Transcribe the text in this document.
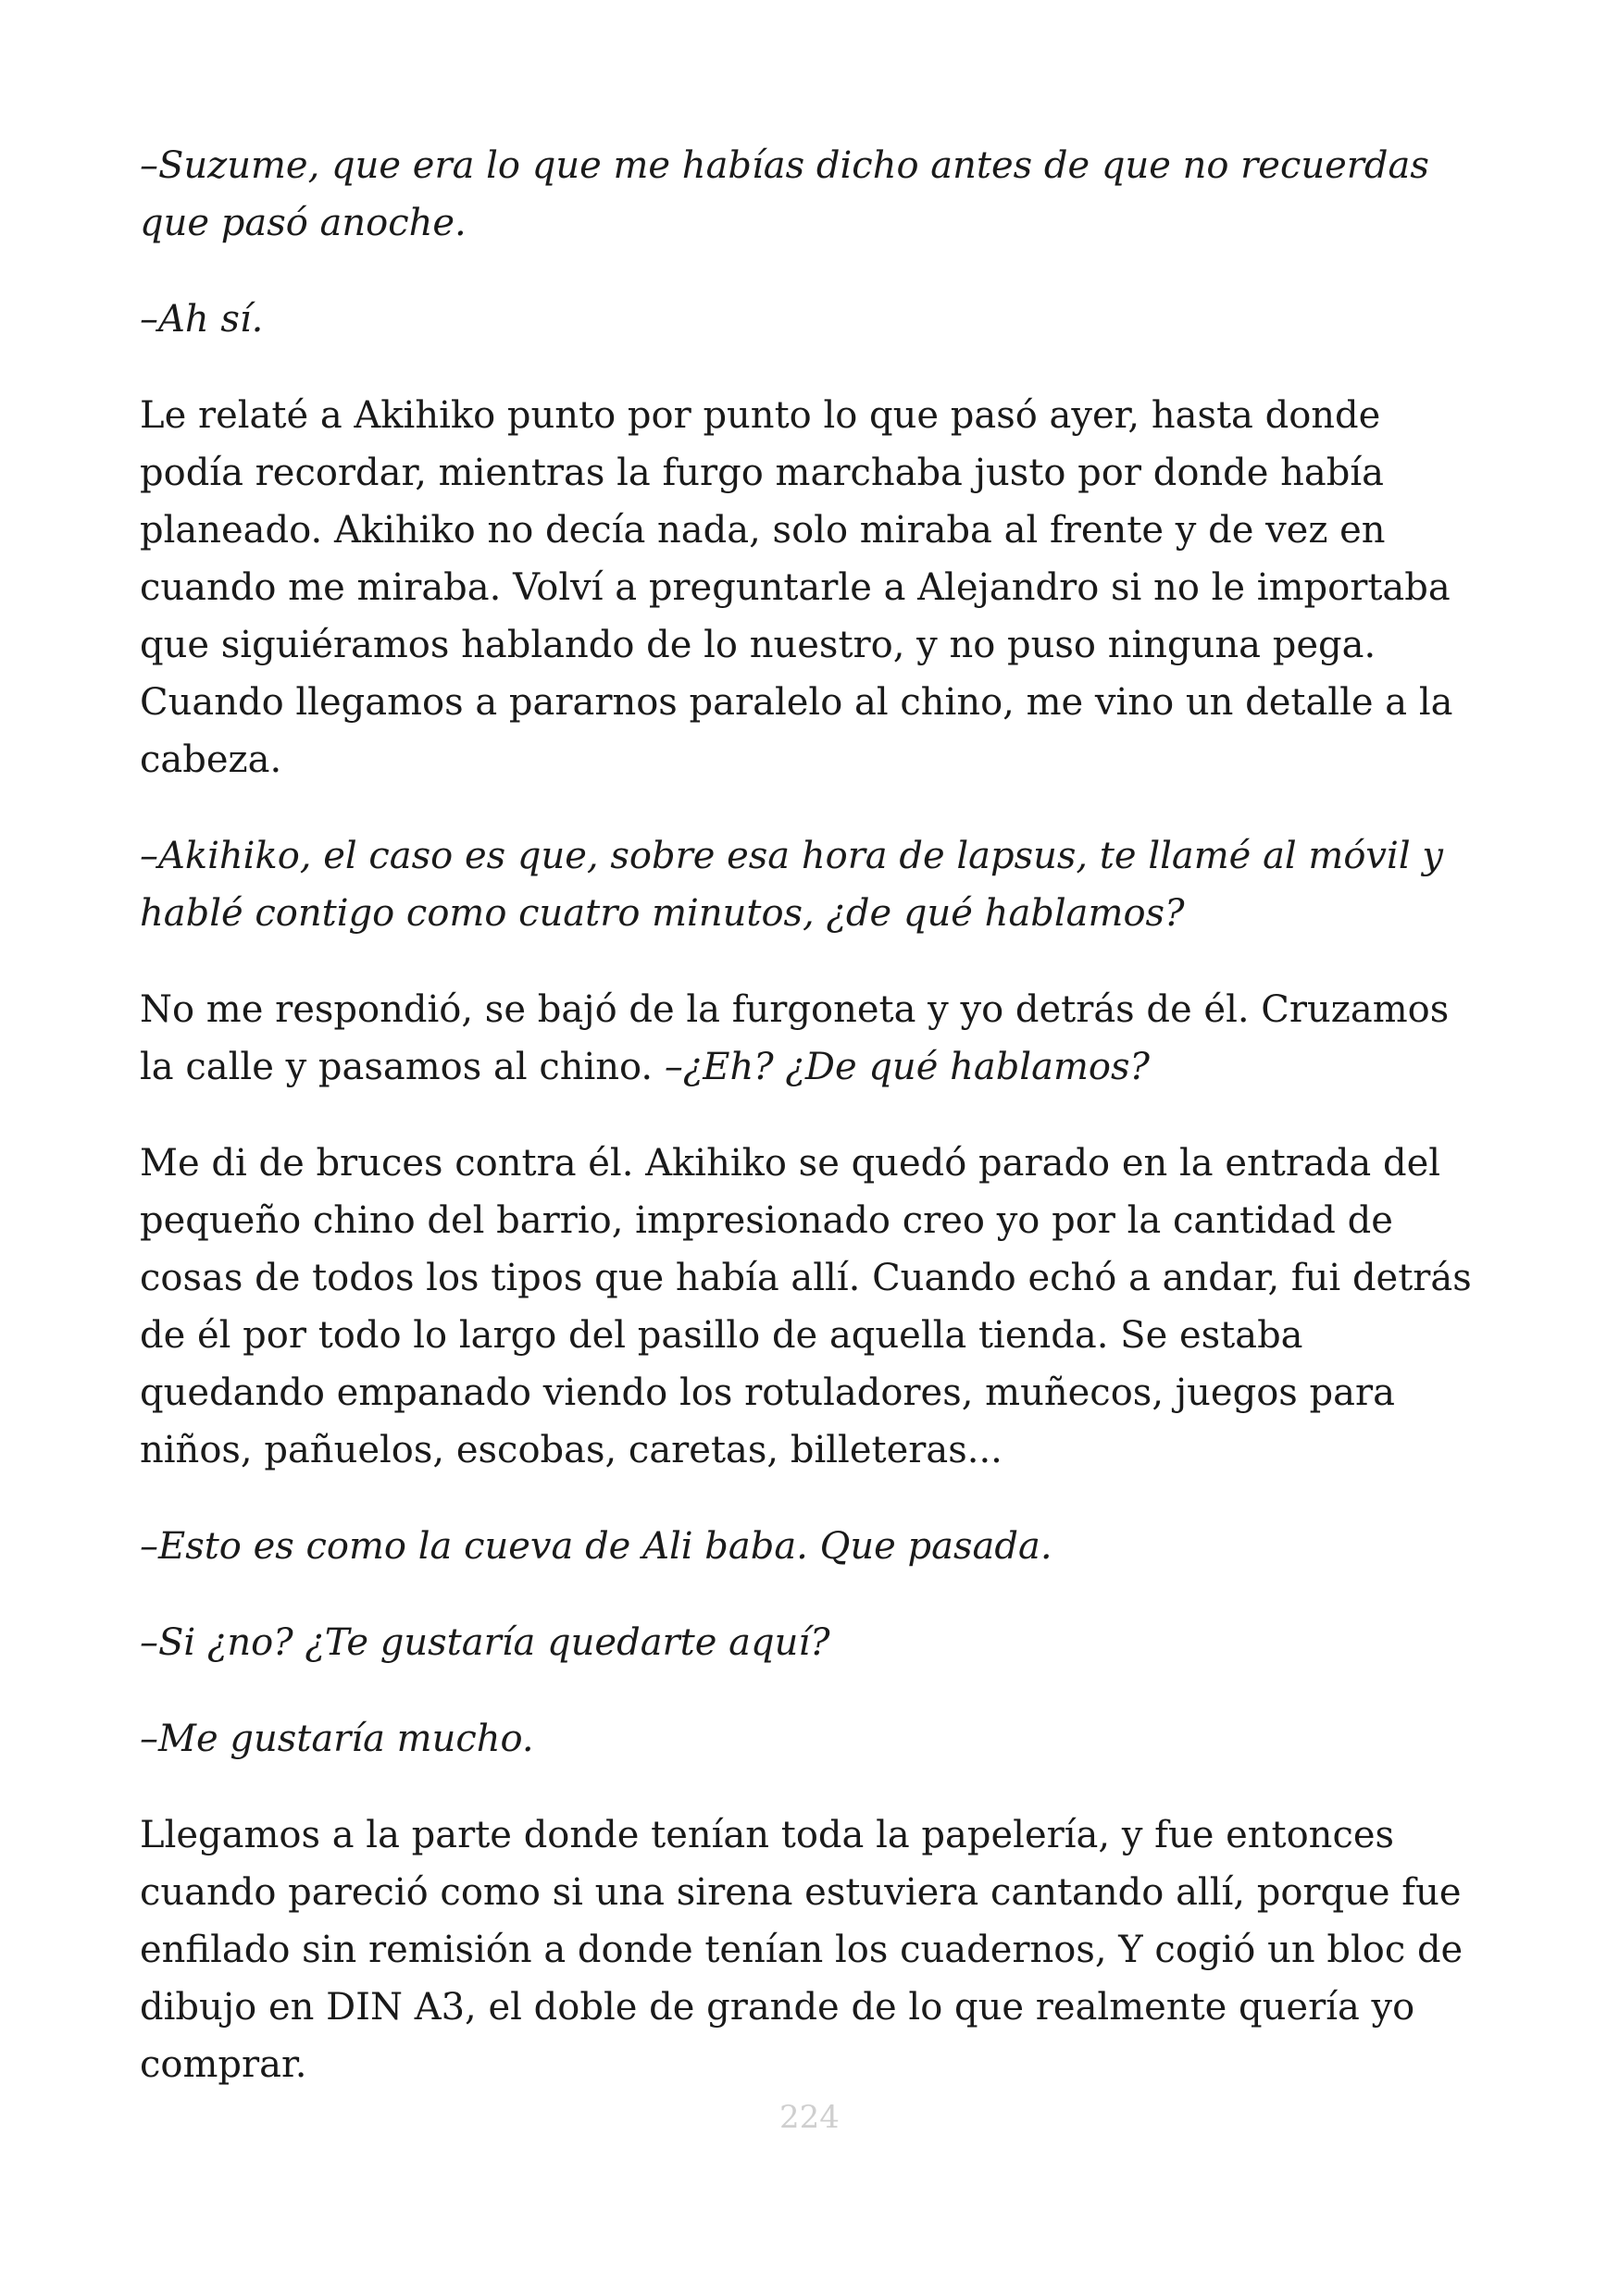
–Suzume, que era lo que me habías dicho antes de que no recuerdas que pasó anoche.

–Ah sí.

Le relaté a Akihiko punto por punto lo que pasó ayer, hasta donde podía recordar, mientras la furgo marchaba justo por donde había planeado. Akihiko no decía nada, solo miraba al frente y de vez en cuando me miraba. Volví a preguntarle a Alejandro si no le importaba que siguiéramos hablando de lo nuestro, y no puso ninguna pega. Cuando llegamos a pararnos paralelo al chino, me vino un detalle a la cabeza.

–Akihiko, el caso es que, sobre esa hora de lapsus, te llamé al móvil y hablé contigo como cuatro minutos, ¿de qué hablamos?

No me respondió, se bajó de la furgoneta y yo detrás de él. Cruzamos la calle y pasamos al chino. –¿Eh? ¿De qué hablamos?

Me di de bruces contra él. Akihiko se quedó parado en la entrada del pequeño chino del barrio, impresionado creo yo por la cantidad de cosas de todos los tipos que había allí. Cuando echó a andar, fui detrás de él por todo lo largo del pasillo de aquella tienda. Se estaba quedando empanado viendo los rotuladores, muñecos, juegos para niños, pañuelos, escobas, caretas, billeteras...

–Esto es como la cueva de Ali baba. Que pasada.

–Si ¿no? ¿Te gustaría quedarte aquí?

–Me gustaría mucho.

Llegamos a la parte donde tenían toda la papelería, y fue entonces cuando pareció como si una sirena estuviera cantando allí, porque fue enfilado sin remisión a donde tenían los cuadernos, Y cogió un bloc de dibujo en DIN A3, el doble de grande de lo que realmente quería yo comprar.

224
